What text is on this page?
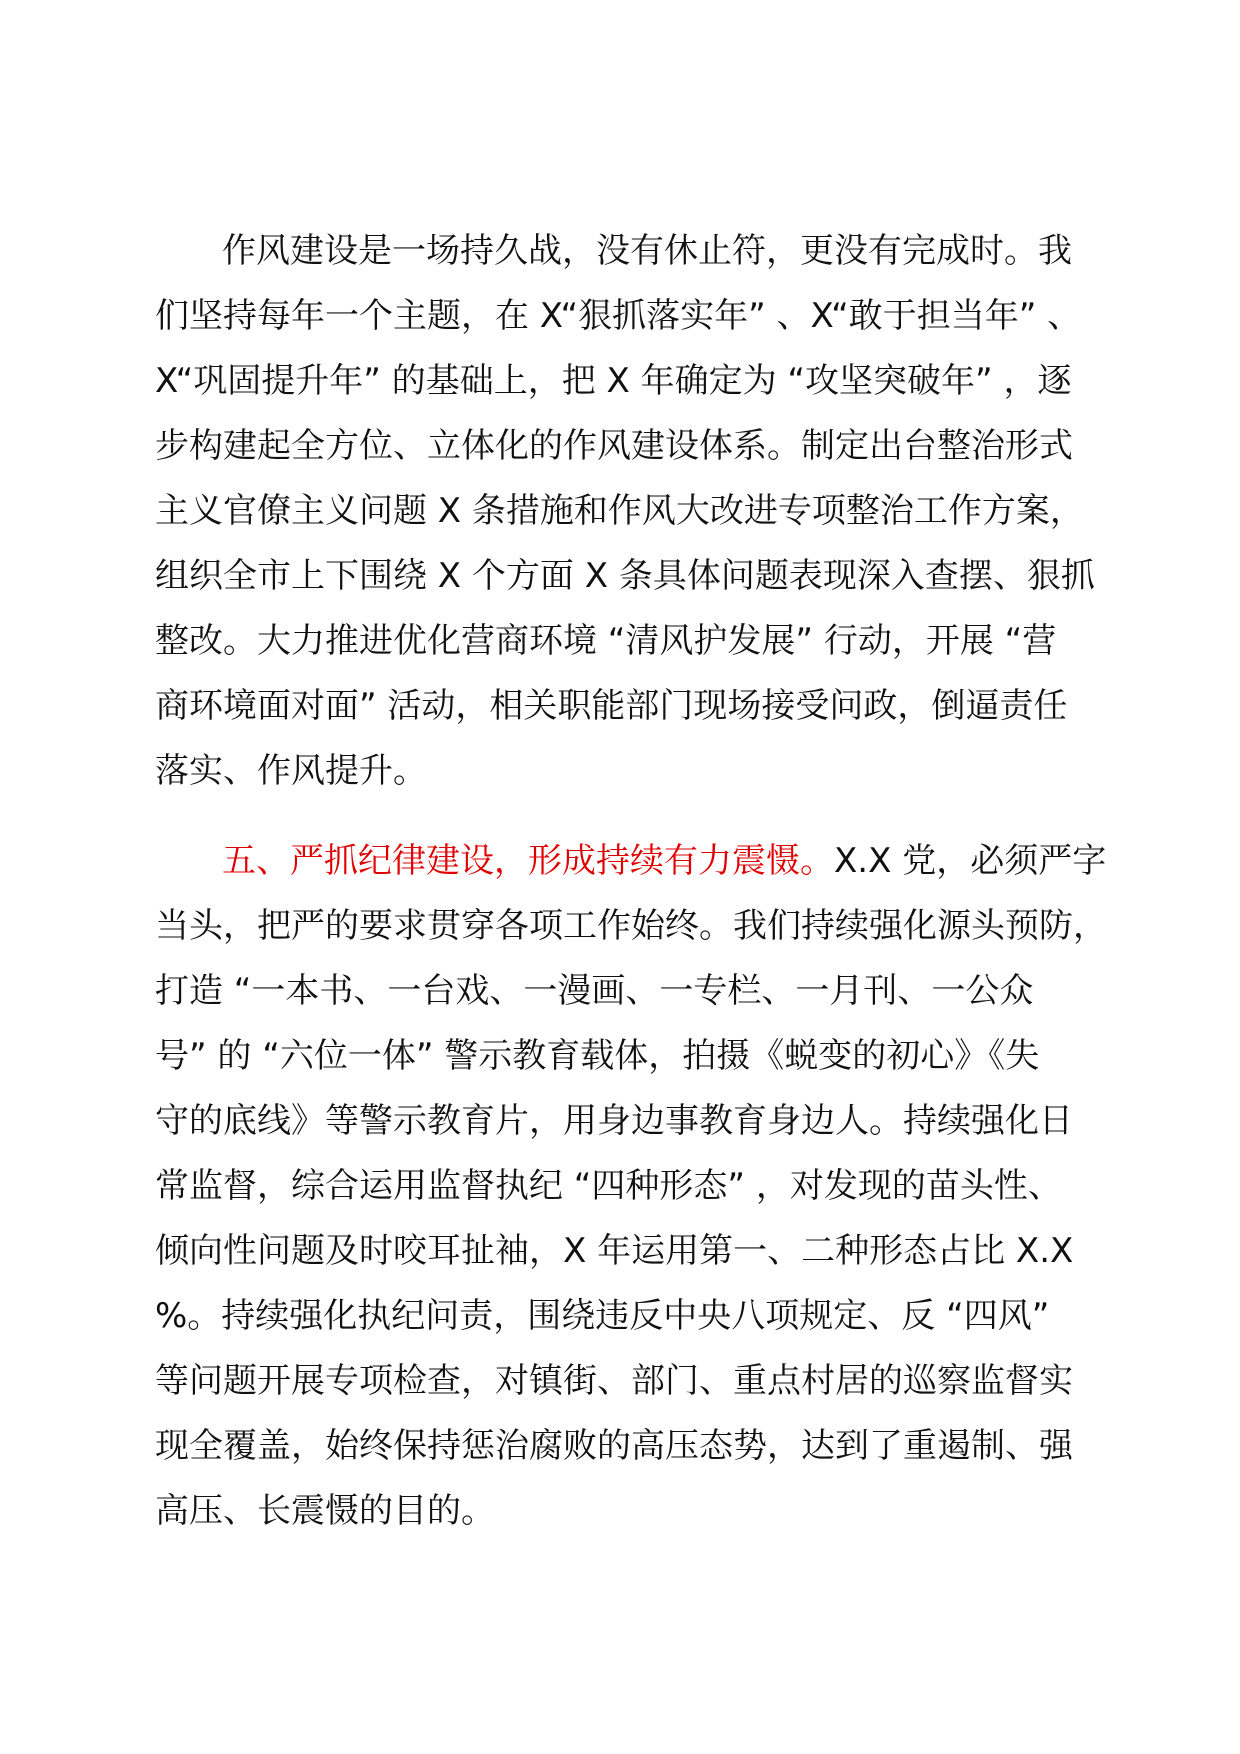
作风建设是一场持久战，没有休止符，更没有完成时。我
们坚持每年一个主题，在 X“狠抓落实年” 、X“敢于担当年” 、
X“巩固提升年” 的基础上，把 X 年确定为 “攻坚突破年” ，逐
步构建起全方位、立体化的作风建设体系。制定出台整治形式
主义官僚主义问题 X 条措施和作风大改进专项整治工作方案，
组织全市上下围绕 X 个方面 X 条具体问题表现深入查摆、狠抓
整改。大力推进优化营商环境 “清风护发展” 行动，开展 “营
商环境面对面” 活动，相关职能部门现场接受问政，倒逼责任
落实、作风提升。
五、严抓纪律建设，形成持续有力震慑。X.X 党，必须严字
当头，把严的要求贯穿各项工作始终。我们持续强化源头预防，
打造 “一本书、一台戏、一漫画、一专栏、一月刊、一公众
号” 的 “六位一体” 警示教育载体，拍摄《蜕变的初心》《失
守的底线》等警示教育片，用身边事教育身边人。持续强化日
常监督，综合运用监督执纪 “四种形态” ，对发现的苗头性、
倾向性问题及时咬耳扯袖，X 年运用第一、二种形态占比 X.X
%。持续强化执纪问责，围绕违反中央八项规定、反 “四风”
等问题开展专项检查，对镇街、部门、重点村居的巡察监督实
现全覆盖，始终保持惩治腐败的高压态势，达到了重遏制、强
高压、长震慑的目的。
